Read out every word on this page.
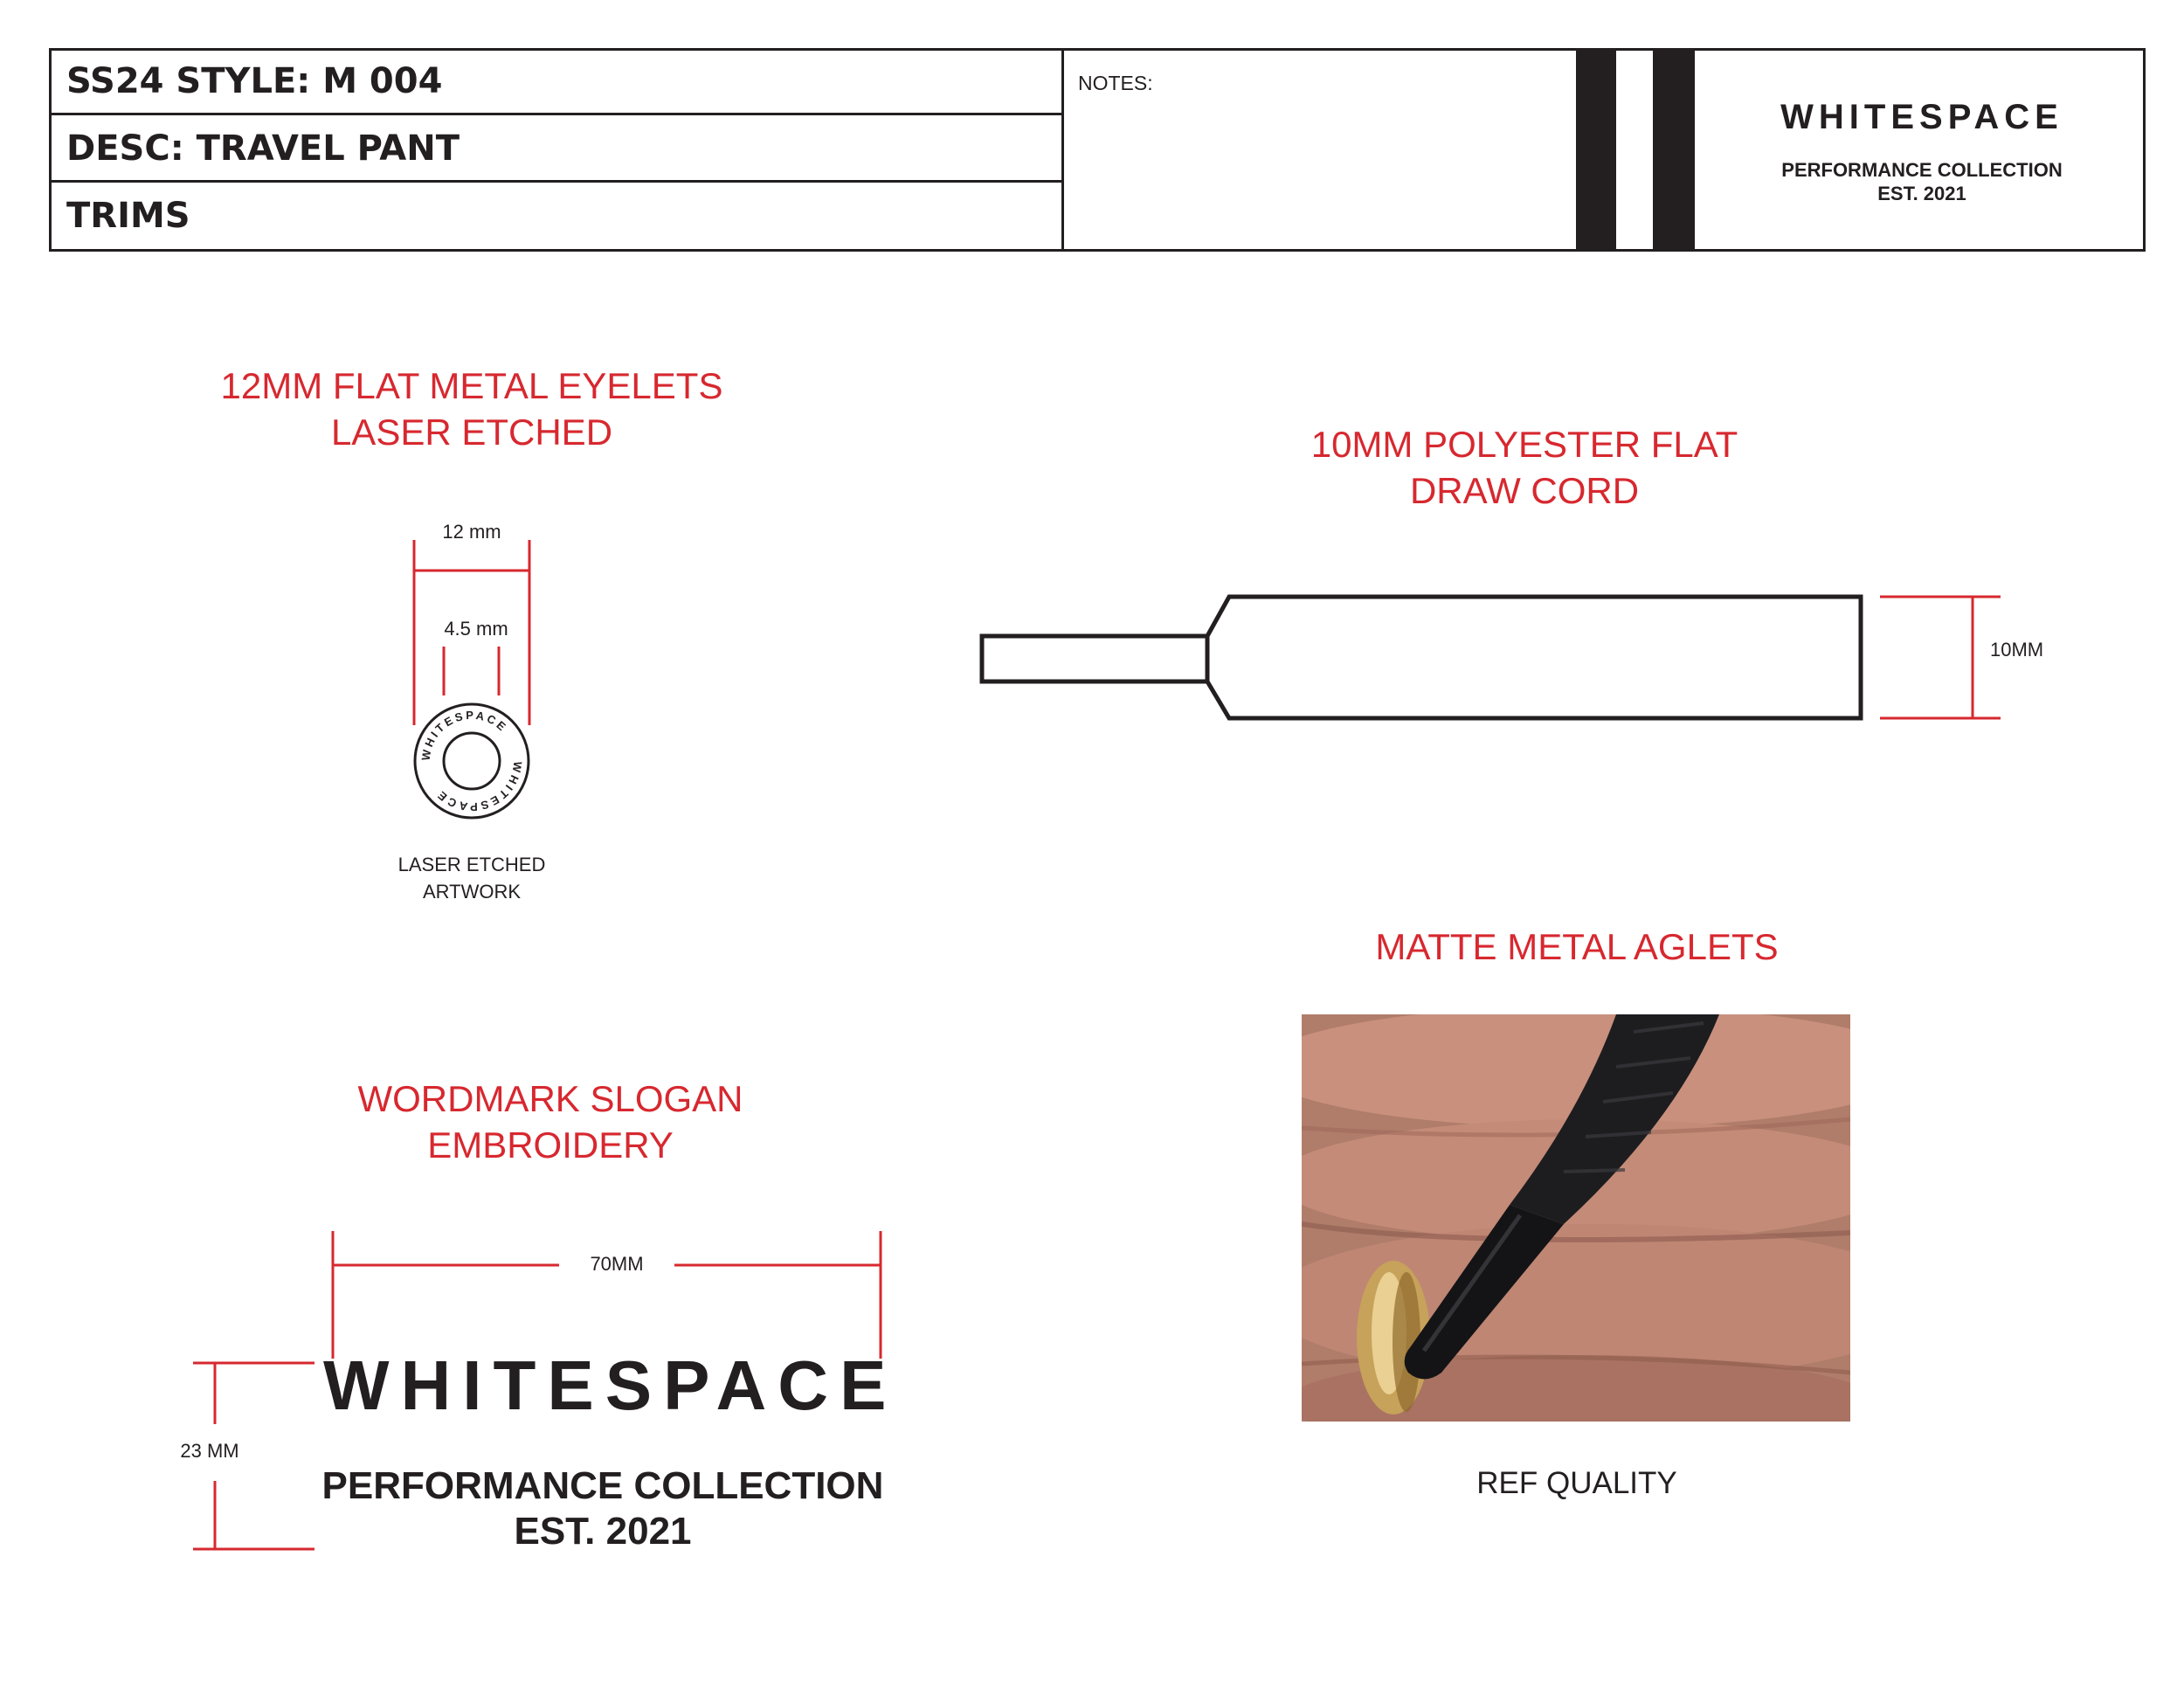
SS24 STYLE: M 004
DESC: TRAVEL PANT
TRIMS
NOTES:
WHITESPACE
PERFORMANCE COLLECTION
EST. 2021
12MM FLAT METAL EYELETS
LASER ETCHED
12 mm
4.5 mm
WHITESPACE
WHITESPACE
LASER ETCHED
ARTWORK
10MM POLYESTER FLAT
DRAW CORD
10MM
MATTE METAL AGLETS
REF QUALITY
WORDMARK SLOGAN
EMBROIDERY
70MM
23 MM
WHITESPACE
PERFORMANCE COLLECTION
EST. 2021
